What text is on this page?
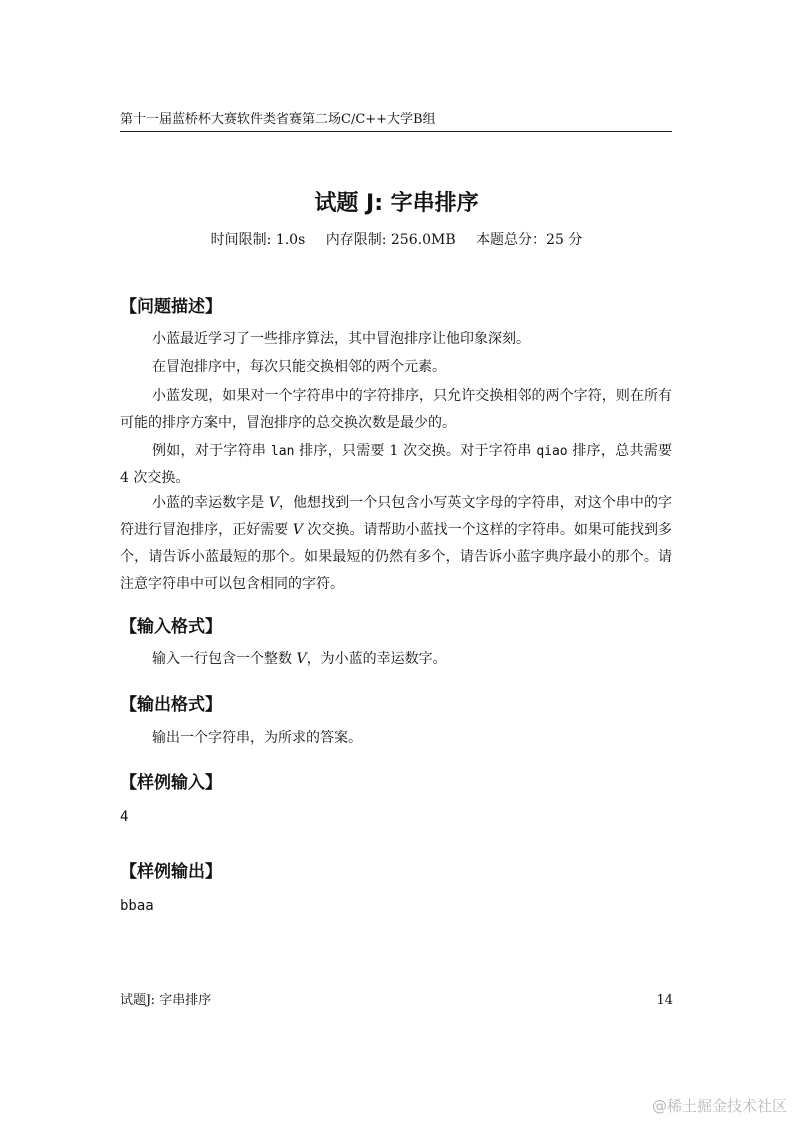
第十一届蓝桥杯大赛软件类省赛第二场C/C++大学B组
试题 J: 字串排序
时间限制: 1.0s 内存限制: 256.0MB 本题总分：25 分
【问题描述】

小蓝最近学习了一些排序算法，其中冒泡排序让他印象深刻。

在冒泡排序中，每次只能交换相邻的两个元素。

小蓝发现，如果对一个字符串中的字符排序，只允许交换相邻的两个字符，则在所有可能的排序方案中，冒泡排序的总交换次数是最少的。

例如，对于字符串 lan 排序，只需要 1 次交换。对于字符串 qiao 排序，总共需要 4 次交换。

小蓝的幸运数字是 V，他想找到一个只包含小写英文字母的字符串，对这个串中的字符进行冒泡排序，正好需要 V 次交换。请帮助小蓝找一个这样的字符串。如果可能找到多个，请告诉小蓝最短的那个。如果最短的仍然有多个，请告诉小蓝字典序最小的那个。请注意字符串中可以包含相同的字符。

【输入格式】

输入一行包含一个整数 V，为小蓝的幸运数字。

【输出格式】

输出一个字符串，为所求的答案。

【样例输入】
4
【样例输出】
bbaa
试题J: 字串排序	14
@稀土掘金技术社区
